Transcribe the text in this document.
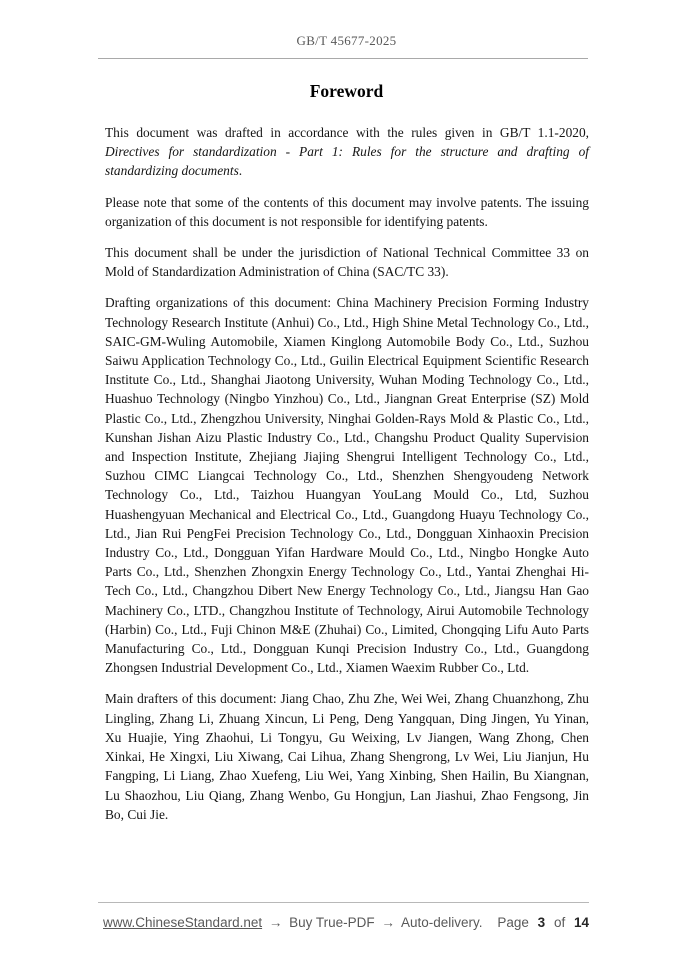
GB/T 45677-2025
Foreword

This document was drafted in accordance with the rules given in GB/T 1.1-2020, Directives for standardization - Part 1: Rules for the structure and drafting of standardizing documents.

Please note that some of the contents of this document may involve patents. The issuing organization of this document is not responsible for identifying patents.

This document shall be under the jurisdiction of National Technical Committee 33 on Mold of Standardization Administration of China (SAC/TC 33).

Drafting organizations of this document: China Machinery Precision Forming Industry Technology Research Institute (Anhui) Co., Ltd., High Shine Metal Technology Co., Ltd., SAIC-GM-Wuling Automobile, Xiamen Kinglong Automobile Body Co., Ltd., Suzhou Saiwu Application Technology Co., Ltd., Guilin Electrical Equipment Scientific Research Institute Co., Ltd., Shanghai Jiaotong University, Wuhan Moding Technology Co., Ltd., Huashuo Technology (Ningbo Yinzhou) Co., Ltd., Jiangnan Great Enterprise (SZ) Mold Plastic Co., Ltd., Zhengzhou University, Ninghai Golden-Rays Mold & Plastic Co., Ltd., Kunshan Jishan Aizu Plastic Industry Co., Ltd., Changshu Product Quality Supervision and Inspection Institute, Zhejiang Jiajing Shengrui Intelligent Technology Co., Ltd., Suzhou CIMC Liangcai Technology Co., Ltd., Shenzhen Shengyoudeng Network Technology Co., Ltd., Taizhou Huangyan YouLang Mould Co., Ltd, Suzhou Huashengyuan Mechanical and Electrical Co., Ltd., Guangdong Huayu Technology Co., Ltd., Jian Rui PengFei Precision Technology Co., Ltd., Dongguan Xinhaoxin Precision Industry Co., Ltd., Dongguan Yifan Hardware Mould Co., Ltd., Ningbo Hongke Auto Parts Co., Ltd., Shenzhen Zhongxin Energy Technology Co., Ltd., Yantai Zhenghai Hi-Tech Co., Ltd., Changzhou Dibert New Energy Technology Co., Ltd., Jiangsu Han Gao Machinery Co., LTD., Changzhou Institute of Technology, Airui Automobile Technology (Harbin) Co., Ltd., Fuji Chinon M&E (Zhuhai) Co., Limited, Chongqing Lifu Auto Parts Manufacturing Co., Ltd., Dongguan Kunqi Precision Industry Co., Ltd., Guangdong Zhongsen Industrial Development Co., Ltd., Xiamen Waexim Rubber Co., Ltd.

Main drafters of this document: Jiang Chao, Zhu Zhe, Wei Wei, Zhang Chuanzhong, Zhu Lingling, Zhang Li, Zhuang Xincun, Li Peng, Deng Yangquan, Ding Jingen, Yu Yinan, Xu Huajie, Ying Zhaohui, Li Tongyu, Gu Weixing, Lv Jiangen, Wang Zhong, Chen Xinkai, He Xingxi, Liu Xiwang, Cai Lihua, Zhang Shengrong, Lv Wei, Liu Jianjun, Hu Fangping, Li Liang, Zhao Xuefeng, Liu Wei, Yang Xinbing, Shen Hailin, Bu Xiangnan, Lu Shaozhou, Liu Qiang, Zhang Wenbo, Gu Hongjun, Lan Jiashui, Zhao Fengsong, Jin Bo, Cui Jie.

www.ChineseStandard.net → Buy True-PDF → Auto-delivery. Page 3 of 14
